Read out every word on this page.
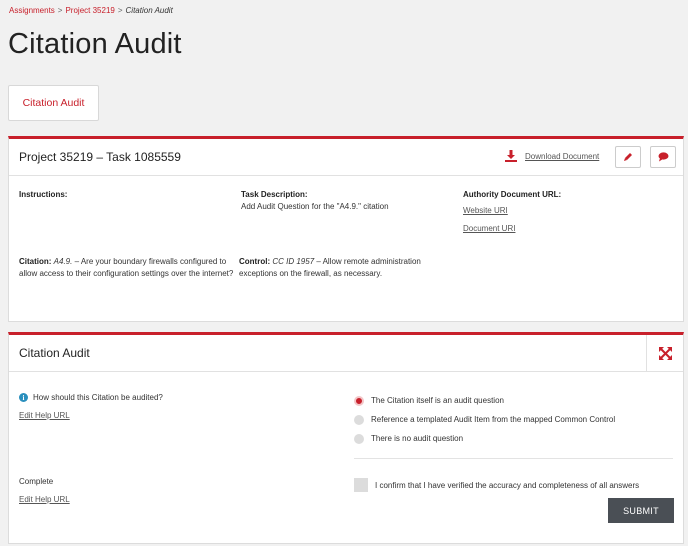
Assignments > Project 35219 > Citation Audit
Citation Audit
Citation Audit
Project 35219 – Task 1085559	Download Document
Instructions:	Task Description:
Add Audit Question for the "A4.9." citation
Authority Document URL:
Website URI
Document URI
Citation: A4.9. – Are your boundary firewalls configured to allow access to their configuration settings over the internet?
Control: CC ID 1957 – Allow remote administration exceptions on the firewall, as necessary.
Citation Audit
i	How should this Citation be audited?
Edit Help URL
The Citation itself is an audit question
Reference a templated Audit Item from the mapped Common Control
There is no audit question
Complete
Edit Help URL
I confirm that I have verified the accuracy and completeness of all answers
SUBMIT
